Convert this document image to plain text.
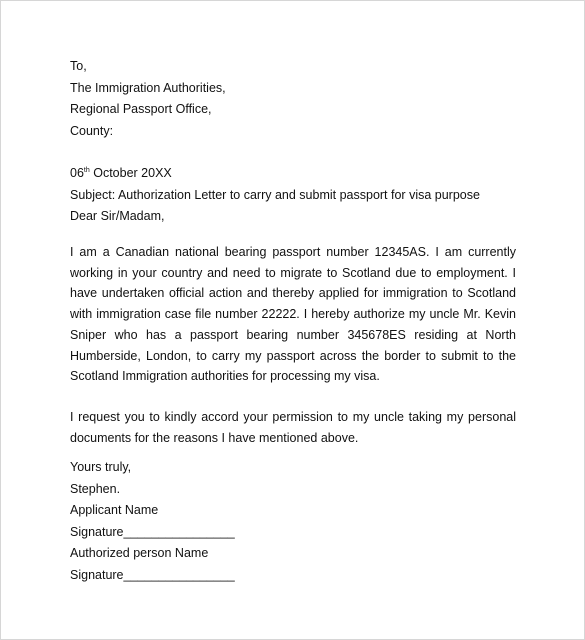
To,
The Immigration Authorities,
Regional Passport Office,
County:
06th October 20XX
Subject: Authorization Letter to carry and submit passport for visa purpose
Dear Sir/Madam,
I am a Canadian national bearing passport number 12345AS. I am currently working in your country and need to migrate to Scotland due to employment. I have undertaken official action and thereby applied for immigration to Scotland with immigration case file number 22222. I hereby authorize my uncle Mr. Kevin Sniper who has a passport bearing number 345678ES residing at North Humberside, London, to carry my passport across the border to submit to the Scotland Immigration authorities for processing my visa.
I request you to kindly accord your permission to my uncle taking my personal documents for the reasons I have mentioned above.
Yours truly,
Stephen.
Applicant Name
Signature________________
Authorized person Name
Signature________________
